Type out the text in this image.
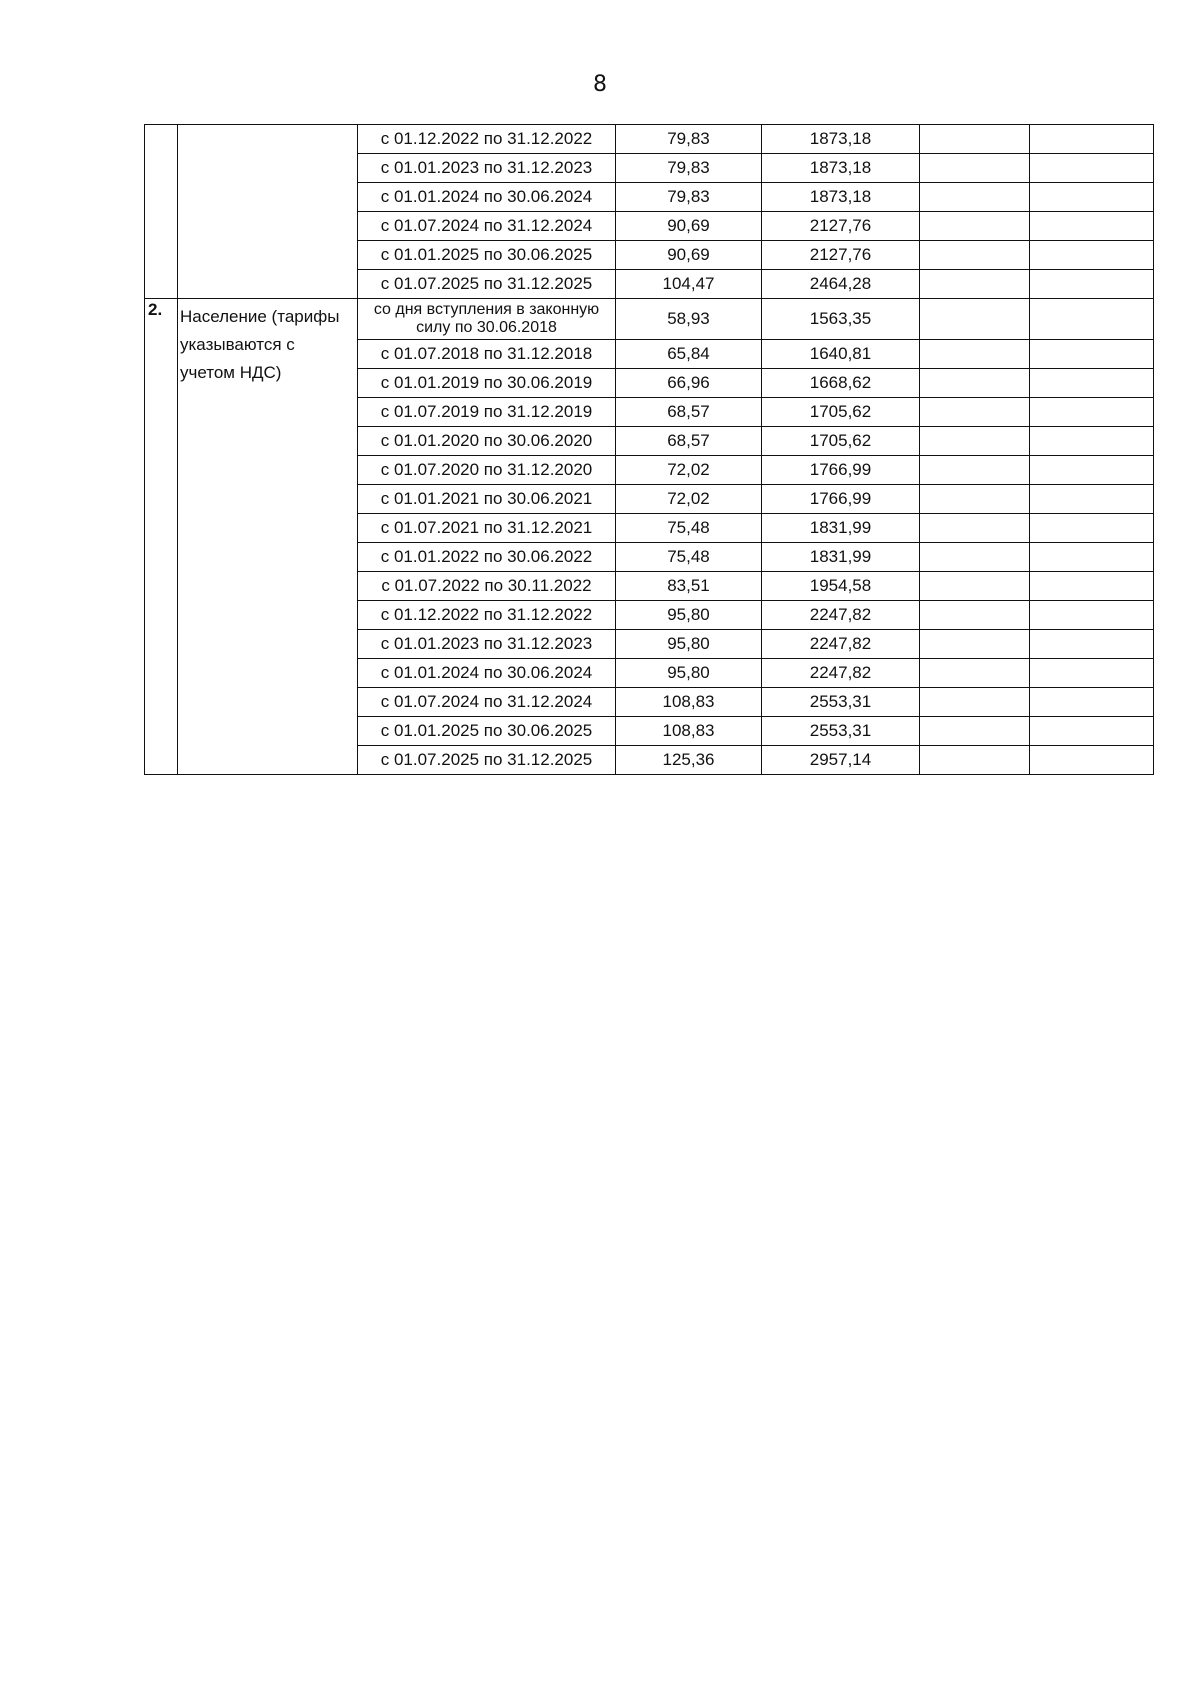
8
		с 01.12.2022 по 31.12.2022	79,83	1873,18		
		с 01.01.2023 по 31.12.2023	79,83	1873,18		
		с 01.01.2024 по 30.06.2024	79,83	1873,18		
		с 01.07.2024 по 31.12.2024	90,69	2127,76		
		с 01.01.2025 по 30.06.2025	90,69	2127,76		
		с 01.07.2025 по 31.12.2025	104,47	2464,28		
2.	Население (тарифы
указываются с
учетом НДС)	со дня вступления в законную силу по 30.06.2018	58,93	1563,35		
		с 01.07.2018 по 31.12.2018	65,84	1640,81		
		с 01.01.2019 по 30.06.2019	66,96	1668,62		
		с 01.07.2019 по 31.12.2019	68,57	1705,62		
		с 01.01.2020 по 30.06.2020	68,57	1705,62		
		с 01.07.2020 по 31.12.2020	72,02	1766,99		
		с 01.01.2021 по 30.06.2021	72,02	1766,99		
		с 01.07.2021 по 31.12.2021	75,48	1831,99		
		с 01.01.2022 по 30.06.2022	75,48	1831,99		
		с 01.07.2022 по 30.11.2022	83,51	1954,58		
		с 01.12.2022 по 31.12.2022	95,80	2247,82		
		с 01.01.2023 по 31.12.2023	95,80	2247,82		
		с 01.01.2024 по 30.06.2024	95,80	2247,82		
		с 01.07.2024 по 31.12.2024	108,83	2553,31		
		с 01.01.2025 по 30.06.2025	108,83	2553,31		
		с 01.07.2025 по 31.12.2025	125,36	2957,14		
